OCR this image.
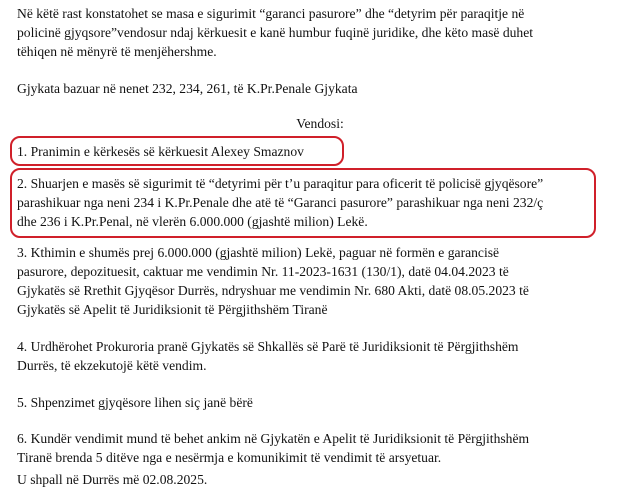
Në këtë rast konstatohet se masa e sigurimit “garanci pasurore” dhe “detyrim për paraqitje në

policinë gjyqsore”vendosur ndaj kërkuesit e kanë humbur fuqinë juridike, dhe këto masë duhet

tëhiqen në mënyrë të menjëhershme.

Gjykata bazuar në nenet 232, 234, 261, të K.Pr.Penale Gjykata

Vendosi:

1. Pranimin e kërkesës së kërkuesit Alexey Smaznov

2. Shuarjen e masës së sigurimit të “detyrimi për t’u paraqitur para oficerit të policisë gjyqësore”

parashikuar nga neni 234 i K.Pr.Penale dhe atë të “Garanci pasurore” parashikuar nga neni 232/ç

dhe 236 i K.Pr.Penal, në vlerën 6.000.000 (gjashtë milion) Lekë.

3. Kthimin e shumës prej 6.000.000 (gjashtë milion) Lekë, paguar në formën e garancisë

pasurore, depozituesit, caktuar me vendimin Nr. 11-2023-1631 (130/1), datë 04.04.2023 të

Gjykatës së Rrethit Gjyqësor Durrës, ndryshuar me vendimin Nr. 680 Akti, datë 08.05.2023 të

Gjykatës së Apelit të Juridiksionit të Përgjithshëm Tiranë

4. Urdhërohet Prokuroria pranë Gjykatës së Shkallës së Parë të Juridiksionit të Përgjithshëm

Durrës, të ekzekutojë këtë vendim.

5. Shpenzimet gjyqësore lihen siç janë bërë

6. Kundër vendimit mund të behet ankim në Gjykatën e Apelit të Juridiksionit të Përgjithshëm

Tiranë brenda 5 ditëve nga e nesërmja e komunikimit të vendimit të arsyetuar.

U shpall në Durrës më 02.08.2025.
